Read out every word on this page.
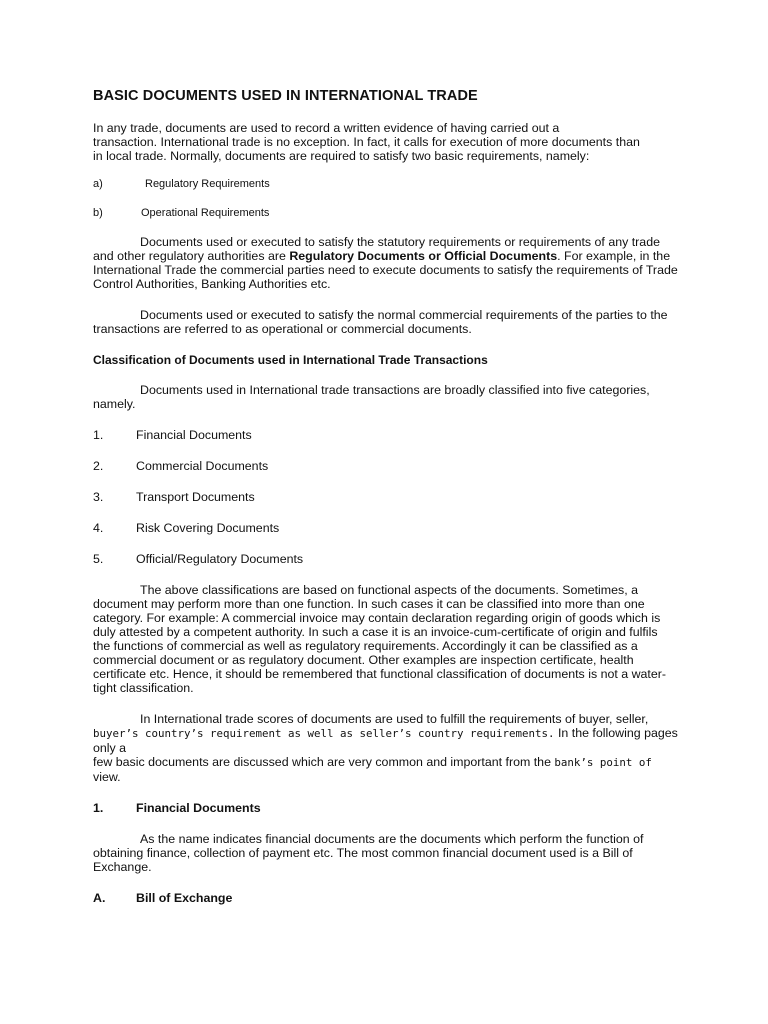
BASIC DOCUMENTS USED IN INTERNATIONAL TRADE

In any trade, documents are used to record a written evidence of having carried out a
transaction. International trade is no exception. In fact, it calls for execution of more documents than
in local trade. Normally, documents are required to satisfy two basic requirements, namely:

a)	Regulatory Requirements

b)	Operational Requirements

Documents used or executed to satisfy the statutory requirements or requirements of any trade and other regulatory authorities are Regulatory Documents or Official Documents. For example, in the International Trade the commercial parties need to execute documents to satisfy the requirements of Trade Control Authorities, Banking Authorities etc.

Documents used or executed to satisfy the normal commercial requirements of the parties to the transactions are referred to as operational or commercial documents.

Classification of Documents used in International Trade Transactions

Documents used in International trade transactions are broadly classified into five categories, namely.

1.	Financial Documents

2.	Commercial Documents

3.	Transport Documents

4.	Risk Covering Documents

5.	Official/Regulatory Documents

The above classifications are based on functional aspects of the documents. Sometimes, a document may perform more than one function. In such cases it can be classified into more than one category. For example: A commercial invoice may contain declaration regarding origin of goods which is duly attested by a competent authority. In such a case it is an invoice-cum-certificate of origin and fulfils the functions of commercial as well as regulatory requirements. Accordingly it can be classified as a commercial document or as regulatory document. Other examples are inspection certificate, health certificate etc. Hence, it should be remembered that functional classification of documents is not a water-tight classification.

In International trade scores of documents are used to fulfill the requirements of buyer, seller,
buyer’s country’s requirement as well as seller’s country requirements. In the following pages only a
few basic documents are discussed which are very common and important from the bank’s point of
view.

1.	Financial Documents

As the name indicates financial documents are the documents which perform the function of obtaining finance, collection of payment etc. The most common financial document used is a Bill of Exchange.

A.	Bill of Exchange
